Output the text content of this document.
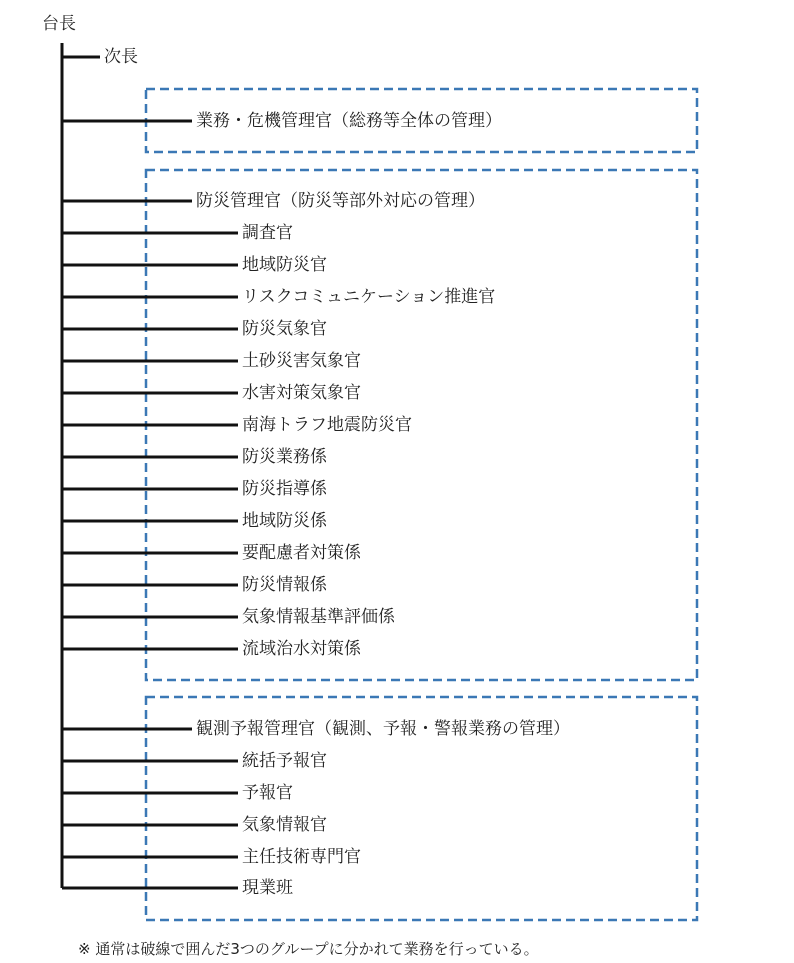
台長
次長
業務・危機管理官（総務等全体の管理）
防災管理官（防災等部外対応の管理）
調査官
地域防災官
リスクコミュニケーション推進官
防災気象官
土砂災害気象官
水害対策気象官
南海トラフ地震防災官
防災業務係
防災指導係
地域防災係
要配慮者対策係
防災情報係
気象情報基準評価係
流域治水対策係
観測予報管理官（観測、予報・警報業務の管理）
統括予報官
予報官
気象情報官
主任技術専門官
現業班
※ 通常は破線で囲んだ3つのグループに分かれて業務を行っている。
